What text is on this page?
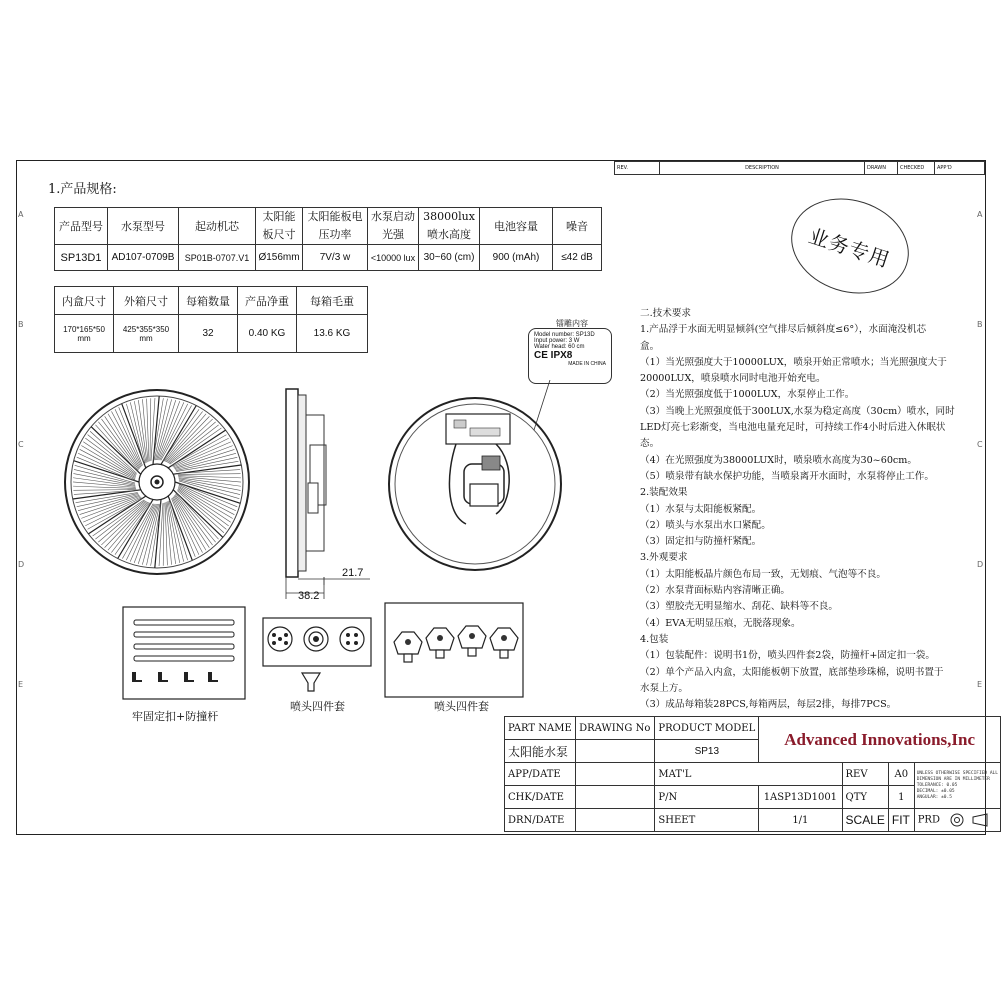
REV.	DESCRIPTION	DRAWN	CHECKED	APP'D
A
B
C
D
E
A
B
C
D
E
1.产品规格:
产品型号	水泵型号	起动机芯	太阳能板尺寸	太阳能板电压功率	水泵启动光强	38000lux喷水高度	电池容量	噪音
SP13D1	AD107-0709B	SP01B-0707.V1	Ø156mm	7V/3 w	<10000 lux	30~60 (cm)	900 (mAh)	≤42 dB
内盒尺寸	外箱尺寸	每箱数量	产品净重	每箱毛重
170*165*50 mm	425*355*350 mm	32	0.40 KG	13.6 KG
业务专用
21.7
38.2
镭雕内容
Model number: SP13D
Input power: 3 W
Water head: 60 cm
CE IPX8
MADE IN CHINA
二.技术要求
1.产品浮于水面无明显倾斜(空气排尽后倾斜度≤6°），水面淹没机芯
盒。
（1）当光照强度大于10000LUX，喷泉开始正常喷水；当光照强度大于
20000LUX，喷泉喷水同时电池开始充电。
（2）当光照强度低于1000LUX，水泵停止工作。
（3）当晚上光照强度低于300LUX,水泵为稳定高度（30cm）喷水，同时
LED灯亮七彩渐变，当电池电量充足时，可持续工作4小时后进入休眠状
态。
（4）在光照强度为38000LUX时，喷泉喷水高度为30~60cm。
（5）喷泉带有缺水保护功能，当喷泉离开水面时，水泵将停止工作。
2.装配效果
（1）水泵与太阳能板紧配。
（2）喷头与水泵出水口紧配。
（3）固定扣与防撞杆紧配。
3.外观要求
（1）太阳能板晶片颜色布局一致，无划痕、气泡等不良。
（2）水泵背面标贴内容清晰正确。
（3）塑胶壳无明显缩水、刮花、缺料等不良。
（4）EVA无明显压痕，无脱落现象。
4.包装
（1）包装配件：说明书1份，喷头四件套2袋，防撞杆+固定扣一袋。
（2）单个产品入内盒，太阳能板朝下放置，底部垫珍珠棉，说明书置于
水泵上方。
（3）成品每箱装28PCS,每箱两层，每层2排，每排7PCS。
牢固定扣+防撞杆
喷头四件套	喷头四件套
PART NAME	DRAWING No	PRODUCT MODEL	Advanced Innovations,Inc			
太阳能水泵		SP13				
APP/DATE		MAT'L		REV	A0	UNLESS OTHERWISE SPECIFIED ALL
DIMENSION ARE IN MILLIMETER
TOLERANCE: 0.05
DECIMAL: ±0.05
ANGULAR: ±0.5

CHK/DATE		P/N	1ASP13D1001	QTY	1	
DRN/DATE		SHEET	1/1	SCALE	FIT	PRD
